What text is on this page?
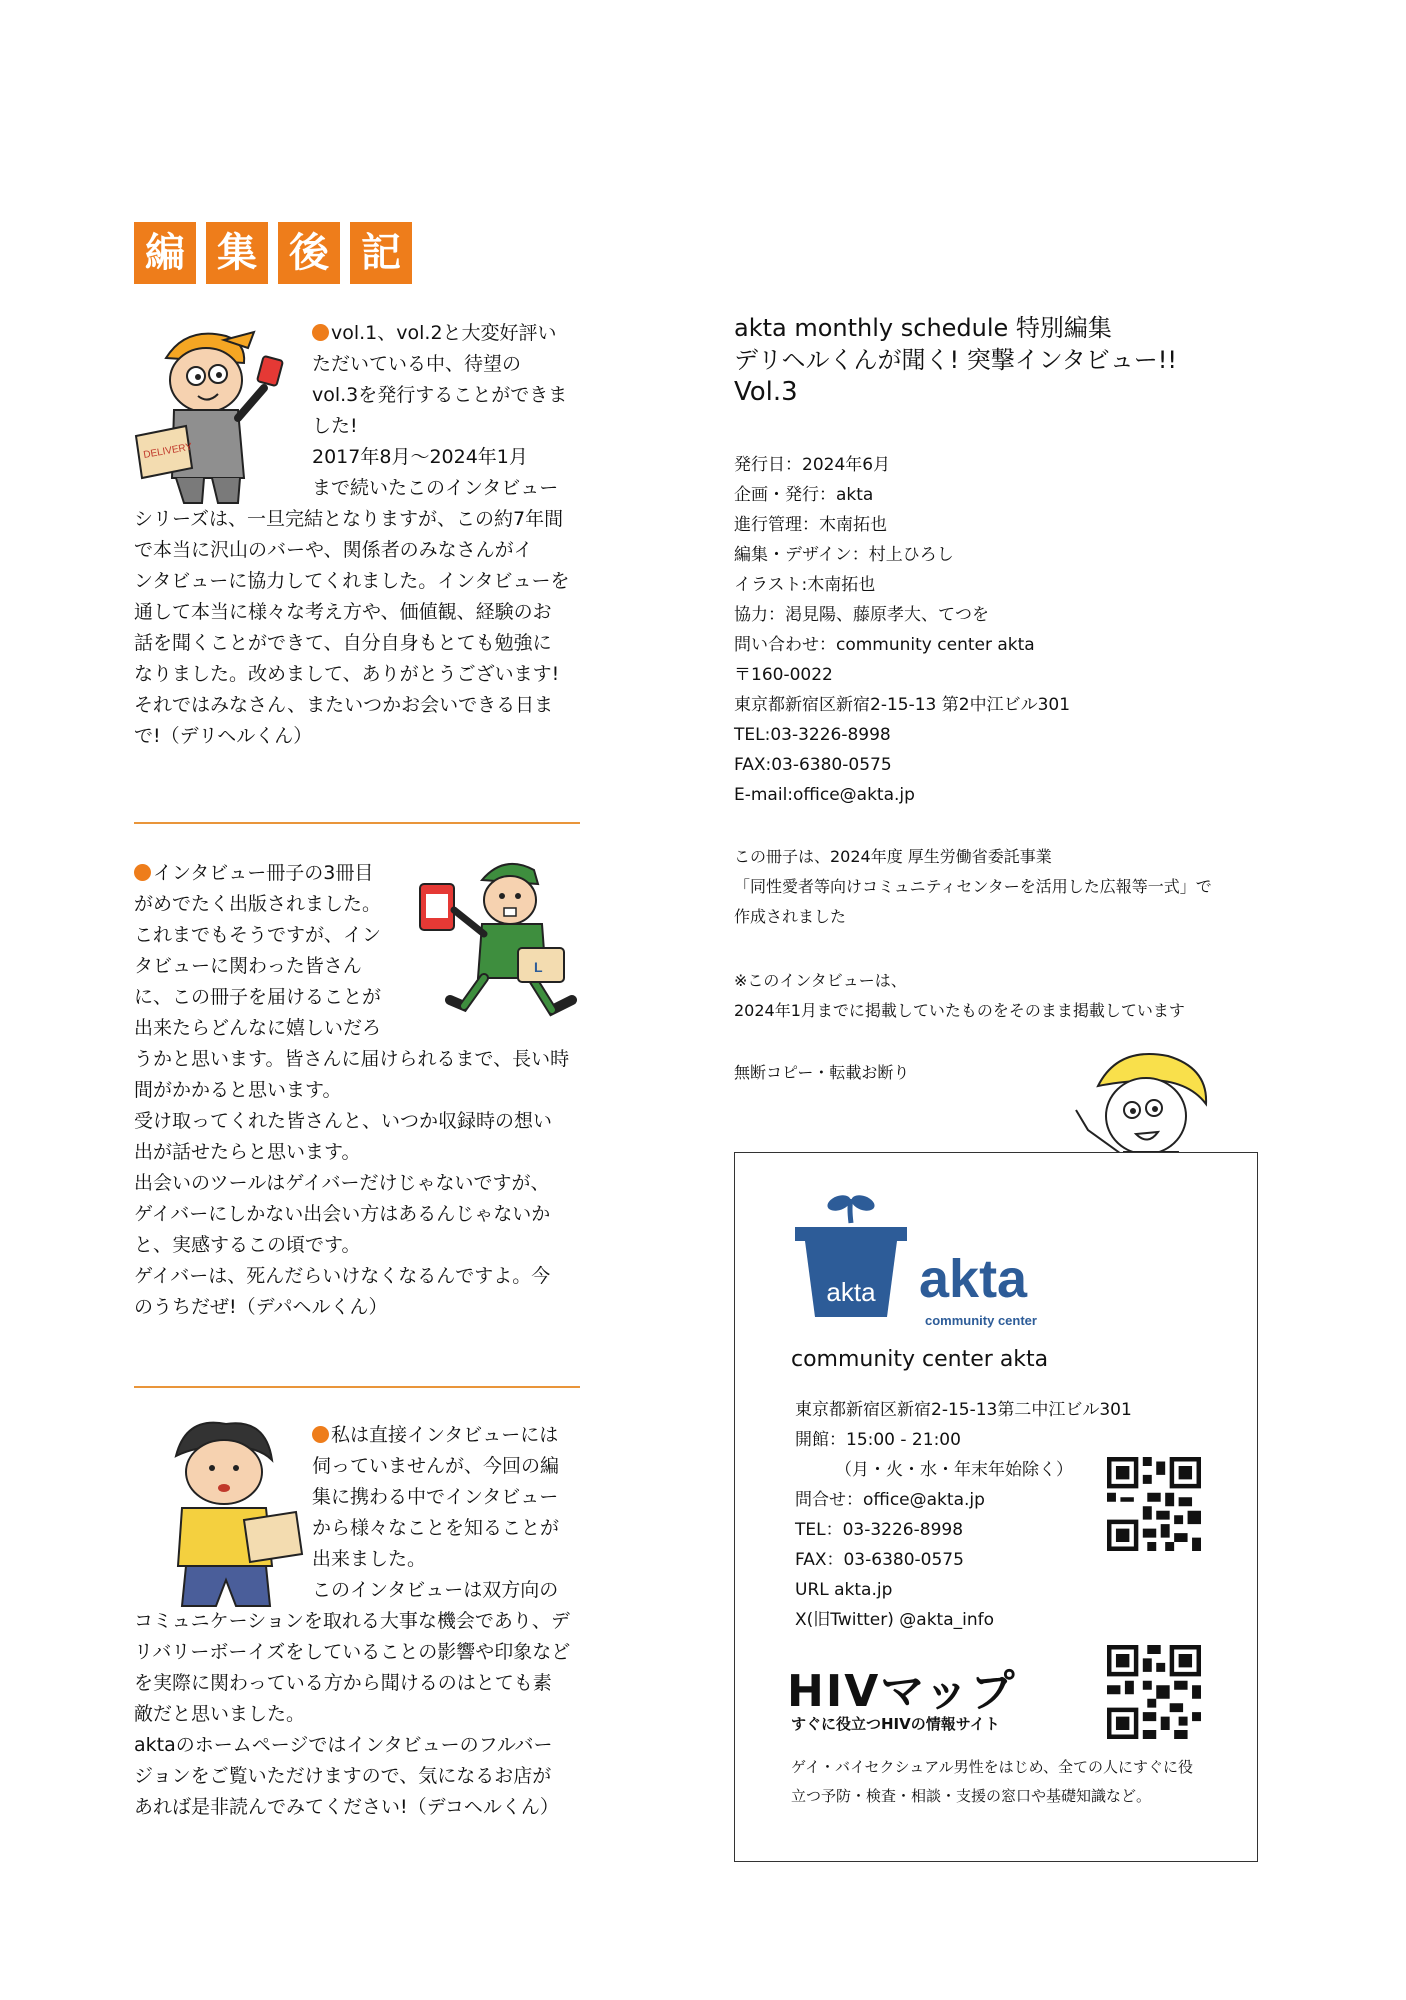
編 集 後 記
DELIVERY
vol.1、vol.2と大変好評い
ただいている中、待望の
vol.3を発行することができま
した!
2017年8月～2024年1月
まで続いたこのインタビュー
シリーズは、一旦完結となりますが、この約7年間
で本当に沢山のバーや、関係者のみなさんがイ
ンタビューに協力してくれました。インタビューを
通して本当に様々な考え方や、価値観、経験のお
話を聞くことができて、自分自身もとても勉強に
なりました。改めまして、ありがとうございます!
それではみなさん、またいつかお会いできる日ま
で!（デリヘルくん）
インタビュー冊子の3冊目
がめでたく出版されました。
これまでもそうですが、イン
タビューに関わった皆さん
に、この冊子を届けることが
出来たらどんなに嬉しいだろ
L
うかと思います。皆さんに届けられるまで、長い時
間がかかると思います。
受け取ってくれた皆さんと、いつか収録時の想い
出が話せたらと思います。
出会いのツールはゲイバーだけじゃないですが、
ゲイバーにしかない出会い方はあるんじゃないか
と、実感するこの頃です。
ゲイバーは、死んだらいけなくなるんですよ。今
のうちだぜ!（デパヘルくん）
私は直接インタビューには
伺っていませんが、今回の編
集に携わる中でインタビュー
から様々なことを知ることが
出来ました。
このインタビューは双方向の
コミュニケーションを取れる大事な機会であり、デ
リバリーボーイズをしていることの影響や印象など
を実際に関わっている方から聞けるのはとても素
敵だと思いました。
aktaのホームページではインタビューのフルバー
ジョンをご覧いただけますので、気になるお店が
あれば是非読んでみてください!（デコヘルくん）
akta monthly schedule 特別編集
デリヘルくんが聞く! 突撃インタビュー!!
Vol.3
発行日：2024年6月
企画・発行：akta
進行管理：木南拓也
編集・デザイン：村上ひろし
イラスト:木南拓也
協力：渇見陽、藤原孝大、てつを
問い合わせ：community center akta
〒160-0022
東京都新宿区新宿2-15-13 第2中江ビル301
TEL:03-3226-8998
FAX:03-6380-0575
E-mail:office@akta.jp
この冊子は、2024年度 厚生労働省委託事業
「同性愛者等向けコミュニティセンターを活用した広報等一式」で
作成されました
※このインタビューは、
2024年1月までに掲載していたものをそのまま掲載しています
無断コピー・転載お断り
akta akta
community center
community center akta
東京都新宿区新宿2-15-13第二中江ビル301
開館：15:00 - 21:00
（月・火・水・年末年始除く）
問合せ：office@akta.jp
TEL：03-3226-8998
FAX：03-6380-0575
URL akta.jp
X(旧Twitter) @akta_info
HIVマップ
すぐに役立つHIVの情報サイト
ゲイ・バイセクシュアル男性をはじめ、全ての人にすぐに役
立つ予防・検査・相談・支援の窓口や基礎知識など。
